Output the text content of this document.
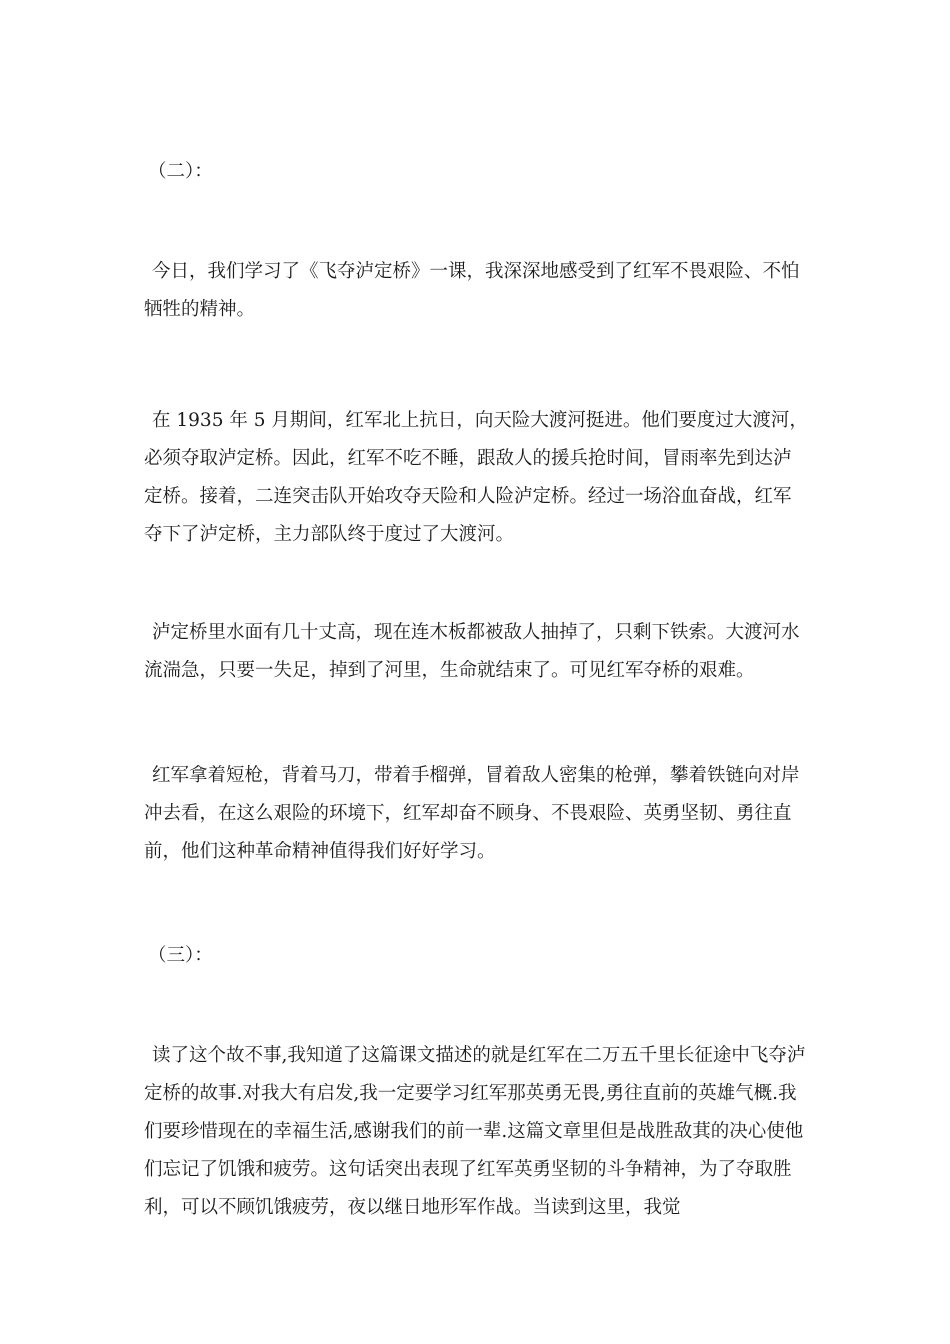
（二）：

今日，我们学习了《飞夺泸定桥》一课，我深深地感受到了红军不畏艰险、不怕牺牲的精神。

在 1935 年 5 月期间，红军北上抗日，向天险大渡河挺进。他们要度过大渡河，必须夺取泸定桥。因此，红军不吃不睡，跟敌人的援兵抢时间，冒雨率先到达泸定桥。接着，二连突击队开始攻夺天险和人险泸定桥。经过一场浴血奋战，红军夺下了泸定桥，主力部队终于度过了大渡河。

泸定桥里水面有几十丈高，现在连木板都被敌人抽掉了，只剩下铁索。大渡河水流湍急，只要一失足，掉到了河里，生命就结束了。可见红军夺桥的艰难。

红军拿着短枪，背着马刀，带着手榴弹，冒着敌人密集的枪弹，攀着铁链向对岸冲去看，在这么艰险的环境下，红军却奋不顾身、不畏艰险、英勇坚韧、勇往直前，他们这种革命精神值得我们好好学习。

（三）：

读了这个故不事,我知道了这篇课文描述的就是红军在二万五千里长征途中飞夺泸定桥的故事.对我大有启发,我一定要学习红军那英勇无畏,勇往直前的英雄气概.我们要珍惜现在的幸福生活,感谢我们的前一辈.这篇文章里但是战胜敌萁的决心使他们忘记了饥饿和疲劳。这句话突出表现了红军英勇坚韧的斗争精神，为了夺取胜利，可以不顾饥饿疲劳，夜以继日地形军作战。当读到这里，我觉
